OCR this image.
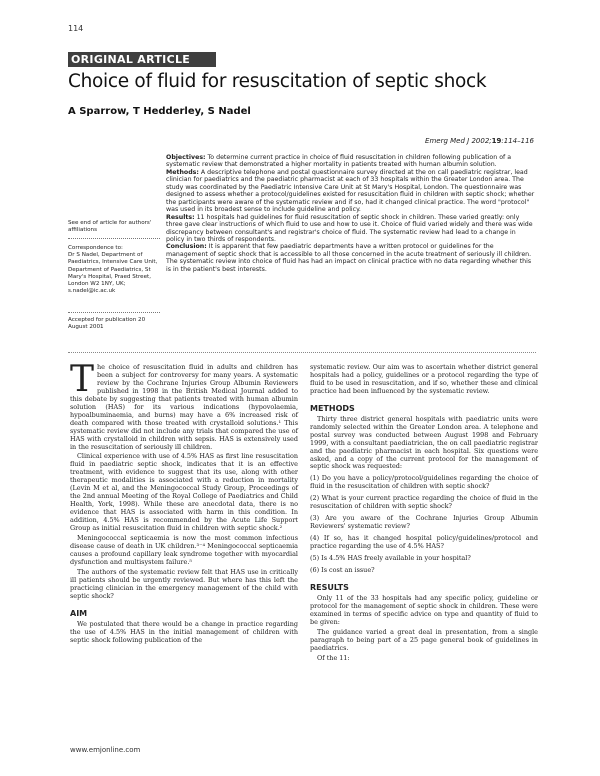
114
ORIGINAL ARTICLE
Choice of fluid for resuscitation of septic shock
A Sparrow, T Hedderley, S Nadel
Emerg Med J 2002;19:114–116
See end of article for authors' affiliations
Correspondence to:
Dr S Nadel, Department of Paediatrics, Intensive Care Unit, Department of Paediatrics, St Mary's Hospital, Praed Street, London W2 1NY, UK; s.nadel@ic.ac.uk
Accepted for publication 20 August 2001

Objectives: To determine current practice in choice of fluid resuscitation in children following publication of a systematic review that demonstrated a higher mortality in patients treated with human albumin solution.

Methods: A descriptive telephone and postal questionnaire survey directed at the on call paediatric registrar, lead clinician for paediatrics and the paediatric pharmacist at each of 33 hospitals within the Greater London area. The study was coordinated by the Paediatric Intensive Care Unit at St Mary's Hospital, London. The questionnaire was designed to assess whether a protocol/guidelines existed for resuscitation fluid in children with septic shock; whether the participants were aware of the systematic review and if so, had it changed clinical practice. The word "protocol" was used in its broadest sense to include guideline and policy.

Results: 11 hospitals had guidelines for fluid resuscitation of septic shock in children. These varied greatly: only three gave clear instructions of which fluid to use and how to use it. Choice of fluid varied widely and there was wide discrepancy between consultant's and registrar's choice of fluid. The systematic review had lead to a change in policy in two thirds of respondents.

Conclusion: It is apparent that few paediatric departments have a written protocol or guidelines for the management of septic shock that is accessible to all those concerned in the acute treatment of seriously ill children. The systematic review into choice of fluid has had an impact on clinical practice with no data regarding whether this is in the patient's best interests.

The choice of resuscitation fluid in adults and children has been a subject for controversy for many years. A systematic review by the Cochrane Injuries Group Albumin Reviewers published in 1998 in the British Medical Journal added to this debate by suggesting that patients treated with human albumin solution (HAS) for its various indications (hypovolaemia, hypoalbuminaemia, and burns) may have a 6% increased risk of death compared with those treated with crystalloid solutions.¹ This systematic review did not include any trials that compared the use of HAS with crystalloid in children with sepsis. HAS is extensively used in the resuscitation of seriously ill children.

Clinical experience with use of 4.5% HAS as first line resuscitation fluid in paediatric septic shock, indicates that it is an effective treatment, with evidence to suggest that its use, along with other therapeutic modalities is associated with a reduction in mortality (Levin M et al, and the Meningococcal Study Group, Proceedings of the 2nd annual Meeting of the Royal College of Paediatrics and Child Health, York, 1998). While these are anecdotal data, there is no evidence that HAS is associated with harm in this condition. In addition, 4.5% HAS is recommended by the Acute Life Support Group as initial resuscitation fluid in children with septic shock.²

Meningococcal septicaemia is now the most common infectious disease cause of death in UK children.³⁻⁴ Meningococcal septicaemia causes a profound capillary leak syndrome together with myocardial dysfunction and multisystem failure.⁵

The authors of the systematic review felt that HAS use in critically ill patients should be urgently reviewed. But where has this left the practicing clinician in the emergency management of the child with septic shock?

AIM

We postulated that there would be a change in practice regarding the use of 4.5% HAS in the initial management of children with septic shock following publication of the

systematic review. Our aim was to ascertain whether district general hospitals had a policy, guidelines or a protocol regarding the type of fluid to be used in resuscitation, and if so, whether these and clinical practice had been influenced by the systematic review.

METHODS

Thirty three district general hospitals with paediatric units were randomly selected within the Greater London area. A telephone and postal survey was conducted between August 1998 and February 1999, with a consultant paediatrician, the on call paediatric registrar and the paediatric pharmacist in each hospital. Six questions were asked, and a copy of the current protocol for the management of septic shock was requested:

(1) Do you have a policy/protocol/guidelines regarding the choice of fluid in the resuscitation of children with septic shock?

(2) What is your current practice regarding the choice of fluid in the resuscitation of children with septic shock?

(3) Are you aware of the Cochrane Injuries Group Albumin Reviewers' systematic review?

(4) If so, has it changed hospital policy/guidelines/protocol and practice regarding the use of 4.5% HAS?

(5) Is 4.5% HAS freely available in your hospital?

(6) Is cost an issue?

RESULTS

Only 11 of the 33 hospitals had any specific policy, guideline or protocol for the management of septic shock in children. These were examined in terms of specific advice on type and quantity of fluid to be given:

The guidance varied a great deal in presentation, from a single paragraph to being part of a 25 page general book of guidelines in paediatrics.

Of the 11:

www.emjonline.com
